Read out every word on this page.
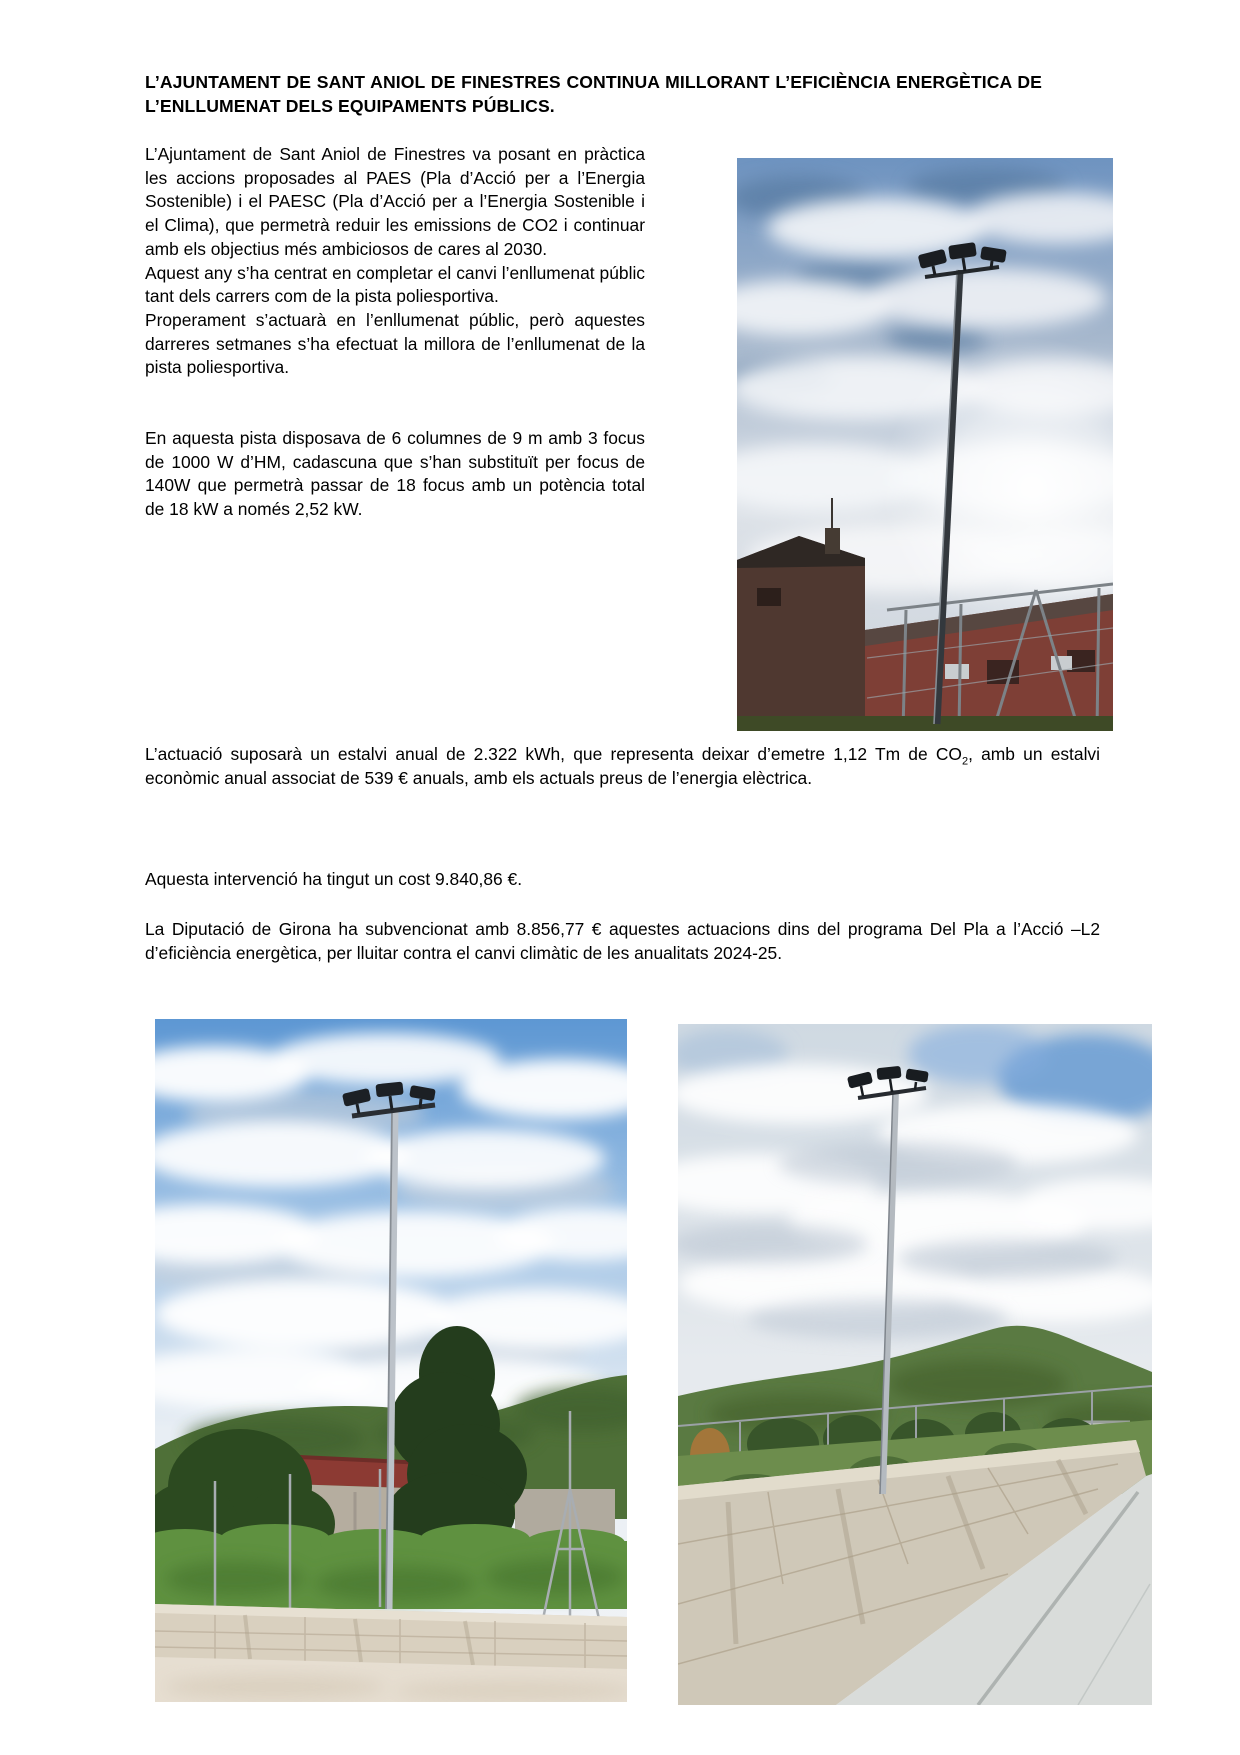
L’AJUNTAMENT DE SANT ANIOL DE FINESTRES CONTINUA MILLORANT L’EFICIÈNCIA ENERGÈTICA DE L’ENLLUMENAT DELS EQUIPAMENTS PÚBLICS.

L’Ajuntament de Sant Aniol de Finestres va posant en pràctica les accions proposades al PAES (Pla d’Acció per a l’Energia Sostenible) i el PAESC (Pla d’Acció per a l’Energia Sostenible i el Clima), que permetrà reduir les emissions de CO2 i continuar amb els objectius més ambiciosos de cares al 2030.

Aquest any s’ha centrat en completar el canvi l’enllumenat públic tant dels carrers com de la pista poliesportiva.

Properament s’actuarà en l’enllumenat públic, però aquestes darreres setmanes s’ha efectuat la millora de l’enllumenat de la pista poliesportiva.

En aquesta pista disposava de 6 columnes de 9 m amb 3 focus de 1000 W d’HM, cadascuna que s’han substituït per focus de 140W que permetrà passar de 18 focus amb un potència total de 18 kW a només 2,52 kW.

L’actuació suposarà un estalvi anual de 2.322 kWh, que representa deixar d’emetre 1,12 Tm de $CO_2$, amb un estalvi econòmic anual associat de 539 € anuals, amb els actuals preus de l’energia elèctrica.

Aquesta intervenció ha tingut un cost 9.840,86 €.

La Diputació de Girona ha subvencionat amb 8.856,77 € aquestes actuacions dins del programa Del Pla a l’Acció –L2 d’eficiència energètica, per lluitar contra el canvi climàtic de les anualitats 2024-25.
